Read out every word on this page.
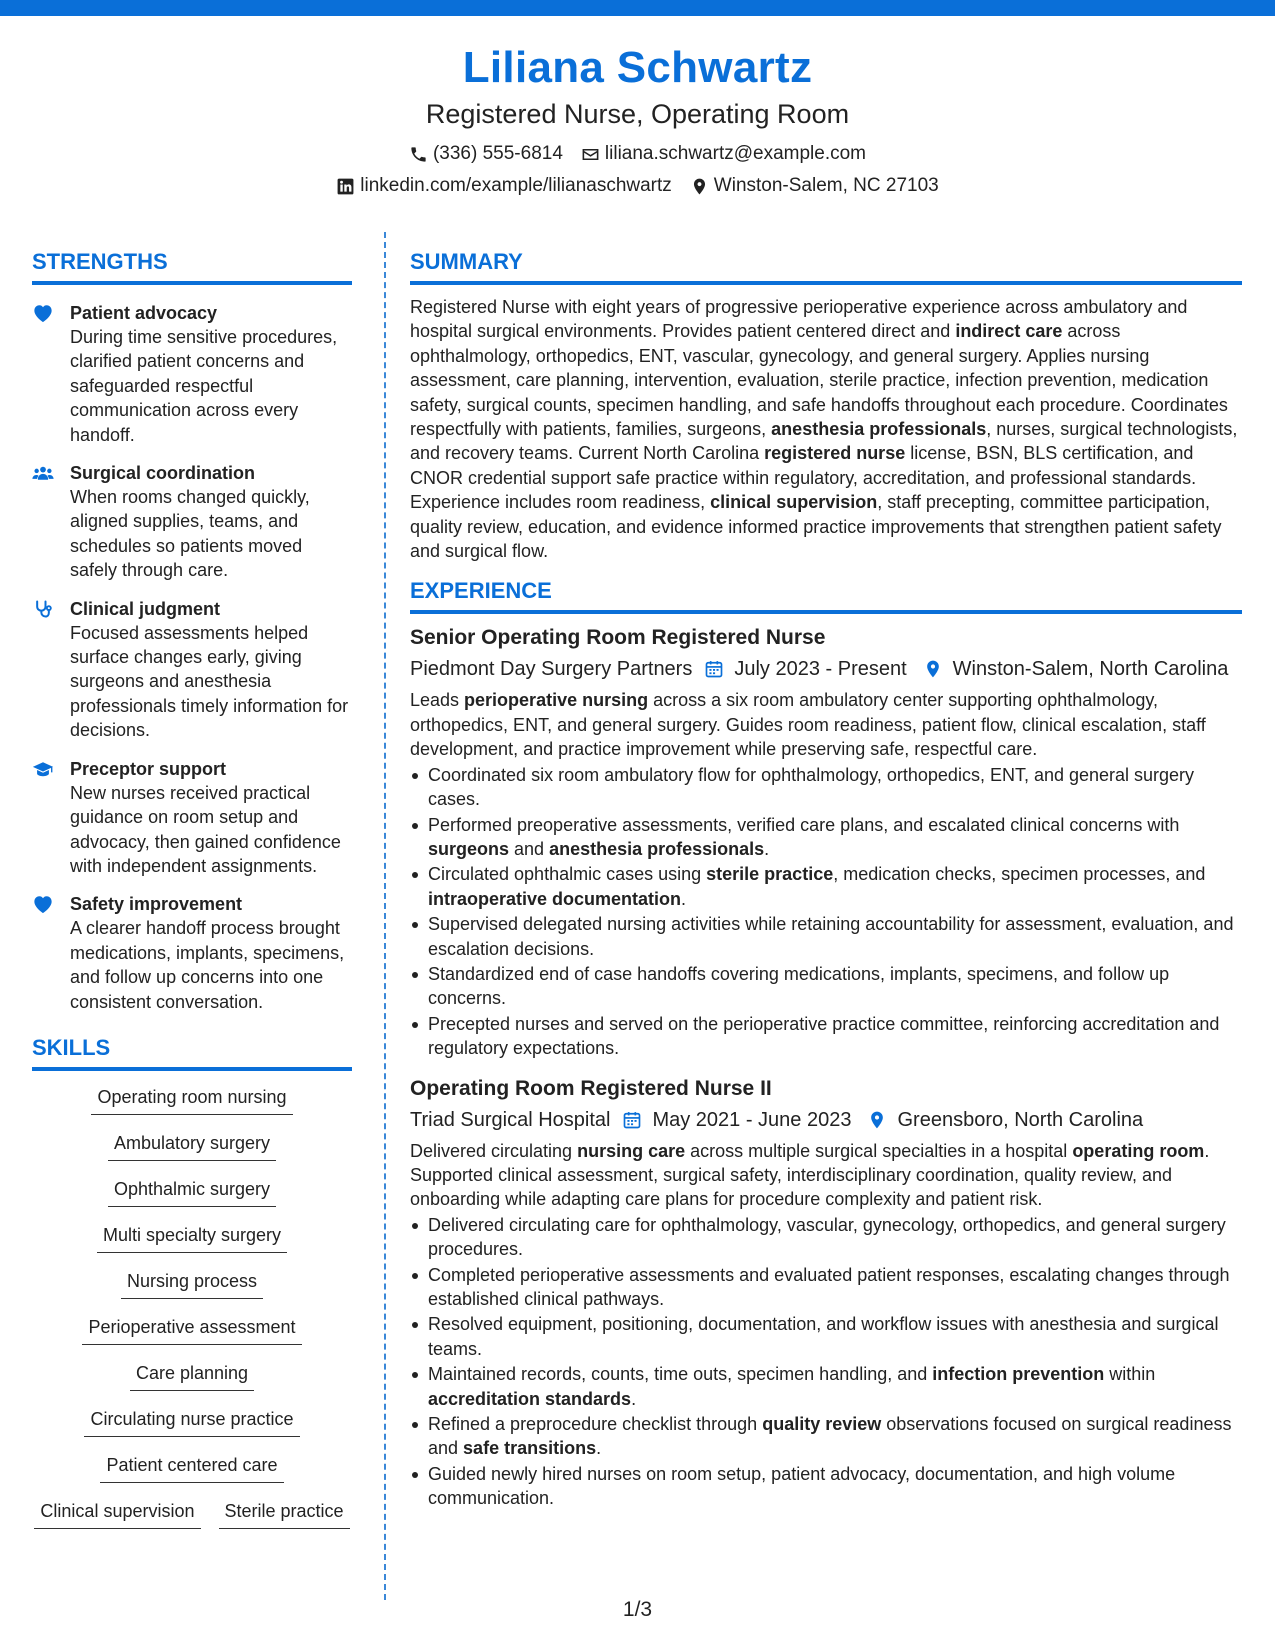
Liliana Schwartz
Registered Nurse, Operating Room
(336) 555-6814 liliana.schwartz@example.com
linkedin.com/example/lilianaschwartz Winston-Salem, NC 27103
STRENGTHS
Patient advocacy
During time sensitive procedures, clarified patient concerns and safeguarded respectful communication across every handoff.
Surgical coordination
When rooms changed quickly, aligned supplies, teams, and schedules so patients moved safely through care.
Clinical judgment
Focused assessments helped surface changes early, giving surgeons and anesthesia professionals timely information for decisions.
Preceptor support
New nurses received practical guidance on room setup and advocacy, then gained confidence with independent assignments.
Safety improvement
A clearer handoff process brought medications, implants, specimens, and follow up concerns into one consistent conversation.
SKILLS
Operating room nursing
Ambulatory surgery
Ophthalmic surgery
Multi specialty surgery
Nursing process
Perioperative assessment
Care planning
Circulating nurse practice
Patient centered care
Clinical supervision	Sterile practice
SUMMARY

Registered Nurse with eight years of progressive perioperative experience across ambulatory and hospital surgical environments. Provides patient centered direct and indirect care across ophthalmology, orthopedics, ENT, vascular, gynecology, and general surgery. Applies nursing assessment, care planning, intervention, evaluation, sterile practice, infection prevention, medication safety, surgical counts, specimen handling, and safe handoffs throughout each procedure. Coordinates respectfully with patients, families, surgeons, anesthesia professionals, nurses, surgical technologists, and recovery teams. Current North Carolina registered nurse license, BSN, BLS certification, and CNOR credential support safe practice within regulatory, accreditation, and professional standards. Experience includes room readiness, clinical supervision, staff precepting, committee participation, quality review, education, and evidence informed practice improvements that strengthen patient safety and surgical flow.

EXPERIENCE
Senior Operating Room Registered Nurse
Piedmont Day Surgery Partners July 2023 - Present Winston-Salem, North Carolina

Leads perioperative nursing across a six room ambulatory center supporting ophthalmology, orthopedics, ENT, and general surgery. Guides room readiness, patient flow, clinical escalation, staff development, and practice improvement while preserving safe, respectful care.

Coordinated six room ambulatory flow for ophthalmology, orthopedics, ENT, and general surgery cases.
Performed preoperative assessments, verified care plans, and escalated clinical concerns with surgeons and anesthesia professionals.
Circulated ophthalmic cases using sterile practice, medication checks, specimen processes, and intraoperative documentation.
Supervised delegated nursing activities while retaining accountability for assessment, evaluation, and escalation decisions.
Standardized end of case handoffs covering medications, implants, specimens, and follow up concerns.
Precepted nurses and served on the perioperative practice committee, reinforcing accreditation and regulatory expectations.
Operating Room Registered Nurse II
Triad Surgical Hospital May 2021 - June 2023 Greensboro, North Carolina

Delivered circulating nursing care across multiple surgical specialties in a hospital operating room. Supported clinical assessment, surgical safety, interdisciplinary coordination, quality review, and onboarding while adapting care plans for procedure complexity and patient risk.

Delivered circulating care for ophthalmology, vascular, gynecology, orthopedics, and general surgery procedures.
Completed perioperative assessments and evaluated patient responses, escalating changes through established clinical pathways.
Resolved equipment, positioning, documentation, and workflow issues with anesthesia and surgical teams.
Maintained records, counts, time outs, specimen handling, and infection prevention within accreditation standards.
Refined a preprocedure checklist through quality review observations focused on surgical readiness and safe transitions.
Guided newly hired nurses on room setup, patient advocacy, documentation, and high volume communication.
1/3
